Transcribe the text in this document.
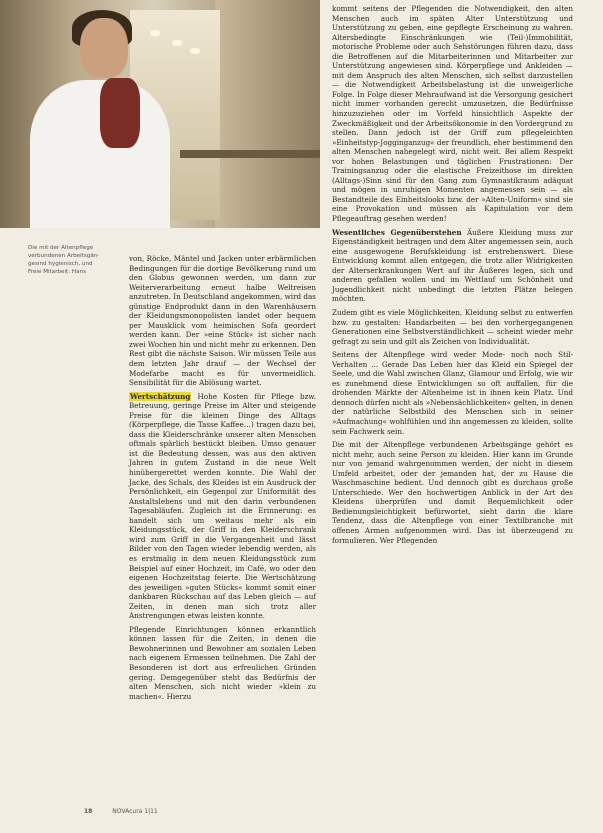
Die mit der Altenpflege
verbundenen Arbeitsgän-
gesind hygienisch, und
Freie Mitarbeit: Hans

von, Röcke, Mäntel und Jacken unter erbärmlichen Bedingungen für die dortige Bevölkerung rund um den Globus gewonnen werden, um dann zur Weiterverarbeitung erneut halbe Weltreisen anzutreten. In Deutschland angekommen, wird das günstige Endprodukt dann in den Warenhäusern der Kleidungsmonopolisten landet oder bequem per Mausklick vom heimischen Sofa geordert werden kann. Der »eine Stück« ist sicher nach zwei Wochen hin und nicht mehr zu erkennen. Den Rest gibt die nächste Saison. Wir müssen Teile aus dem letzten Jahr drauf — der Wechsel der Modefarbe macht es für unvermeidlich. Sensibilität für die Ablösung wartet.

Wertschätzung Hohe Kosten für Pflege bzw. Betreuung, geringe Preise im Alter und steigende Preise für die kleinen Dinge des Alltags (Körperpflege, die Tasse Kaffee…) tragen dazu bei, dass die Kleiderschränke unserer alten Menschen oftmals spärlich bestückt bleiben. Umso genauer ist die Bedeutung dessen, was aus den aktiven Jahren in gutem Zustand in die neue Welt hinübergerettet werden konnte. Die Wahl der Jacke, des Schals, des Kleides ist ein Ausdruck der Persönlichkeit, ein Gegenpol zur Uniformität des Anstaltslebens und mit den darin verbundenen Tagesabläufen. Zugleich ist die Erinnerung: es handelt sich um weitaus mehr als ein Kleidungsstück, der Griff in den Kleiderschrank wird zum Griff in die Vergangenheit und lässt Bilder von den Tagen wieder lebendig werden, als es erstmalig in dem neuen Kleidungsstück zum Beispiel auf einer Hochzeit, im Café, wo oder den eigenen Hochzeitstag feierte. Die Wertschätzung des jeweiligen »guten Stücks« kommt somit einer dankbaren Rückschau auf das Leben gleich — auf Zeiten, in denen man sich trotz aller Anstrengungen etwas leisten konnte.

Pflegende Einrichtungen können erkanntlich können lassen für die Zeiten, in denen die Bewohnerinnen und Bewohner am sozialen Leben nach eigenem Ermessen teilnehmen. Die Zahl der Besonderen ist dort aus erfreulichen Gründen gering. Demgegenüber steht das Bedürfnis der alten Menschen, sich nicht wieder »klein zu machen«. Hierzu

kommt seitens der Pflegenden die Notwendigkeit, den alten Menschen auch im späten Alter Unterstützung und Unterstützung zu geben, eine gepflegte Erscheinung zu wahren. Altersbedingte Einschränkungen wie (Teil-)Immobilität, motorische Probleme oder auch Sehstörungen führen dazu, dass die Betroffenen auf die Mitarbeiterinnen und Mitarbeiter zur Unterstützung angewiesen sind. Körperpflege und Ankleiden — mit dem Anspruch des alten Menschen, sich selbst darzustellen — die Notwendigkeit Arbeitsbelastung ist die unweigerliche Folge. In Folge dieser Mehraufwand ist die Versorgung gesichert nicht immer vorhanden gerecht umzusetzen, die Bedürfnisse hinzuzuziehen oder im Vorfeld hinsichtlich Aspekte der Zweckmäßigkeit und der Arbeitsökonomie in den Vordergrund zu stellen. Dann jedoch ist der Griff zum pflegeleichten »Einheitstyp-Jogginganzug« der freundlich, eher bestimmend den alten Menschen nahegelegt wird, nicht weit. Bei allem Respekt vor hohen Belastungen und täglichen Frustrationen: Der Trainingsanzug oder die elastische Freizeithose im direkten (Alltags-)Sinn sind für den Gang zum Gymnastikraum adäquat und mögen in unruhigen Momenten angemessen sein — als Bestandteile des Einheitslooks bzw. der »Alten-Uniform« sind sie eine Provokation und müssen als Kapitulation vor dem Pflegeauftrag gesehen werden!

Wesentliches Gegenüberstehen Äußere Kleidung muss zur Eigenständigkeit beitragen und dem Alter angemessen sein, auch eine ausgewogene Berufskleidung ist erstrebenswert. Diese Entwicklung kommt allen entgegen, die trotz aller Widrigkeiten der Alterserkrankungen Wert auf ihr Äußeres legen, sich und anderen gefallen wollen und im Wettlauf um Schönheit und Jugendlichkeit nicht unbedingt die letzten Plätze belegen möchten.

Zudem gibt es viele Möglichkeiten, Kleidung selbst zu entwerfen bzw. zu gestalten: Handarbeiten — bei den vorhergegangenen Generationen eine Selbstverständlichkeit — scheint wieder mehr gefragt zu sein und gilt als Zeichen von Individualität.

Seitens der Altenpflege wird weder Mode- noch noch Stil-Verhalten ... Gerade Das Leben hier das Kleid ein Spiegel der Seele, und die Wahl zwischen Glanz, Glamour und Erfolg, wie wir es zunehmend diese Entwicklungen so oft auffallen, für die drohenden Märkte der Altenheime ist in ihnen kein Platz. Und dennoch dürfen nicht als »Nebensächlichkeiten« gelten, in denen der natürliche Selbstbild des Menschen sich in seiner »Aufmachung« wohlfühlen und ihn angemessen zu kleiden, sollte sein Fachwerk sein.

Die mit der Altenpflege verbundenen Arbeitsgänge gehört es nicht mehr, auch seine Person zu kleiden. Hier kann im Grunde nur von jemand wahrgenommen werden, der nicht in diesem Umfeld arbeitet, oder der jemanden hat, der zu Hause die Waschmaschine bedient. Und dennoch gibt es durchaus große Unterschiede. Wer den hochwertigen Anblick in der Art des Kleidens überprüfen und damit Bequemlichkeit oder Bedienungsleichtigkeit befürwortet, sieht darin die klare Tendenz, dass die Altenpflege von einer Textilbranche mit offenen Armen aufgenommen wird. Das ist überzeugend zu formulieren. Wer Pflegenden

18	NOVAcura 1|11
